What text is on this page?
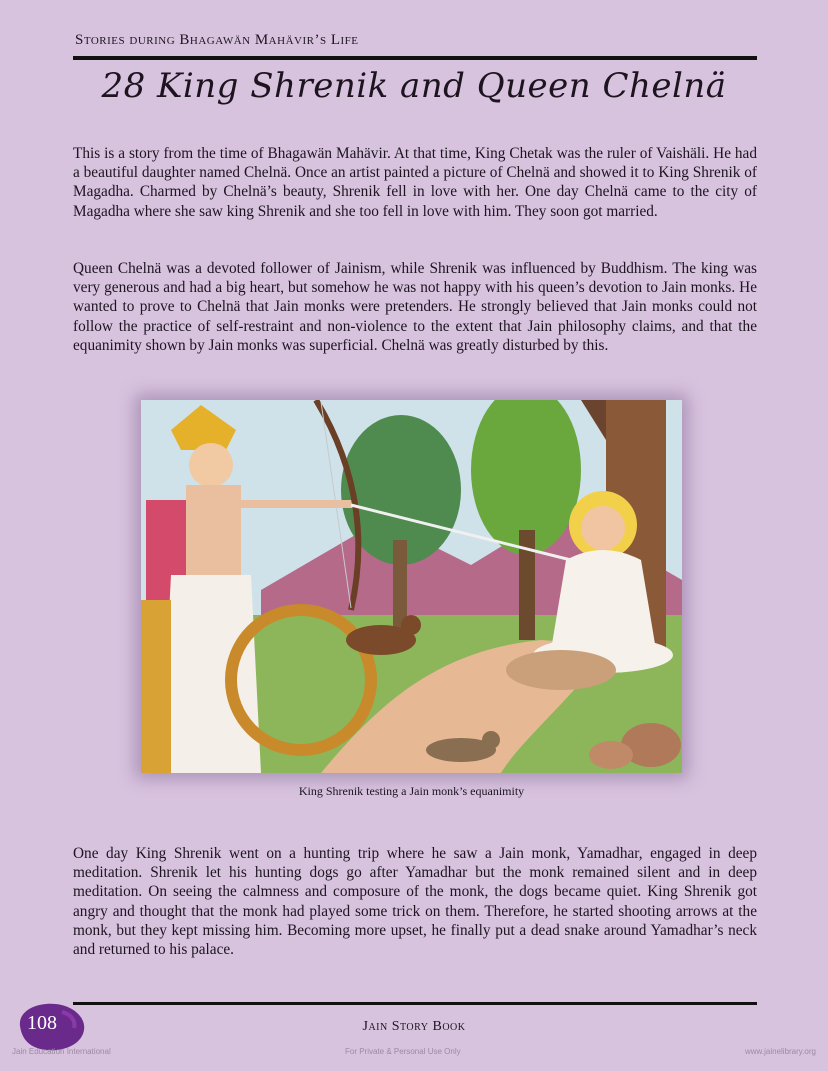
Stories during Bhagawän Mahävir’s Life
28 King Shrenik and Queen Chelnä

This is a story from the time of Bhagawän Mahävir. At that time, King Chetak was the ruler of Vaishäli. He had a beautiful daughter named Chelnä. Once an artist painted a picture of Chelnä and showed it to King Shrenik of Magadha. Charmed by Chelnä’s beauty, Shrenik fell in love with her. One day Chelnä came to the city of Magadha where she saw king Shrenik and she too fell in love with him. They soon got married.

Queen Chelnä was a devoted follower of Jainism, while Shrenik was influenced by Buddhism. The king was very generous and had a big heart, but somehow he was not happy with his queen’s devotion to Jain monks. He wanted to prove to Chelnä that Jain monks were pretenders. He strongly believed that Jain monks could not follow the practice of self-restraint and non-violence to the extent that Jain philosophy claims, and that the equanimity shown by Jain monks was superficial. Chelnä was greatly disturbed by this.

King Shrenik testing a Jain monk’s equanimity

One day King Shrenik went on a hunting trip where he saw a Jain monk, Yamadhar, engaged in deep meditation. Shrenik let his hunting dogs go after Yamadhar but the monk remained silent and in deep meditation. On seeing the calmness and composure of the monk, the dogs became quiet. King Shrenik got angry and thought that the monk had played some trick on them. Therefore, he started shooting arrows at the monk, but they kept missing him. Becoming more upset, he finally put a dead snake around Yamadhar’s neck and returned to his palace.

108	Jain Story Book
Jain Education International	For Private & Personal Use Only	www.jainelibrary.org
